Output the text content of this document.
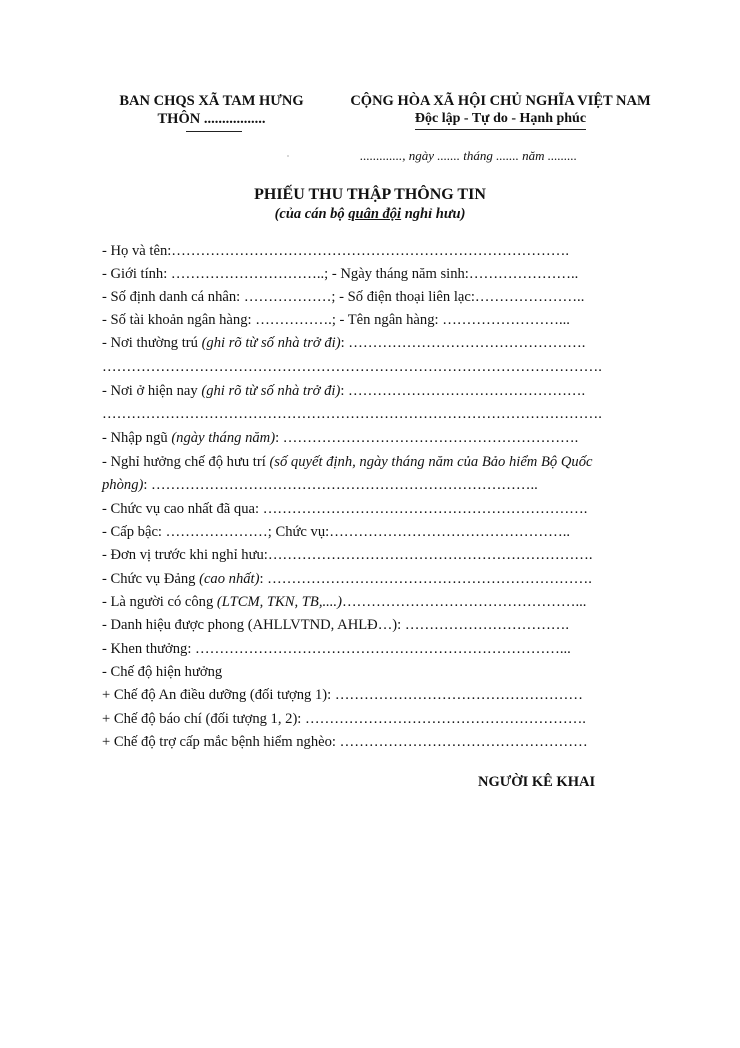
BAN CHQS XÃ TAM HƯNG
THÔN .................
CỘNG HÒA XÃ HỘI CHỦ NGHĨA VIỆT NAM
Độc lập - Tự do - Hạnh phúc
............., ngày ....... tháng ....... năm .........
PHIẾU THU THẬP THÔNG TIN
(của cán bộ quân đội nghỉ hưu)
- Họ và tên:……………………………………………………………………….
- Giới tính: …………………………..; - Ngày tháng năm sinh:…………………..
- Số định danh cá nhân: ………………; - Số điện thoại liên lạc:…………………..
- Số tài khoản ngân hàng: …………….; - Tên ngân hàng: ……………………...
- Nơi thường trú (ghi rõ từ số nhà trở đi): ………………………………………….
………………………………………………………………………………………….
- Nơi ở hiện nay (ghi rõ từ số nhà trở đi): ………………………………………….
………………………………………………………………………………………….
- Nhập ngũ (ngày tháng năm): …………………………………………………….
- Nghỉ hưởng chế độ hưu trí (số quyết định, ngày tháng năm của Bảo hiểm Bộ Quốc
phòng): ……………………………………………………………………..
- Chức vụ cao nhất đã qua: ………………………………………………………….
- Cấp bậc: …………………; Chức vụ:…………………………………………..
- Đơn vị trước khi nghỉ hưu:………………………………………………………….
- Chức vụ Đảng (cao nhất): ………………………………………………………….
- Là người có công (LTCM, TKN, TB,....)…………………………………………...
- Danh hiệu được phong (AHLLVTND, AHLĐ…): …………………………….
- Khen thưởng: …………………………………………………………………...
- Chế độ hiện hưởng
+ Chế độ An điều dưỡng (đối tượng 1): ……………………………………………
+ Chế độ báo chí (đối tượng 1, 2): ………………………………………………….
+ Chế độ trợ cấp mắc bệnh hiểm nghèo: ……………………………………………
NGƯỜI KÊ KHAI
